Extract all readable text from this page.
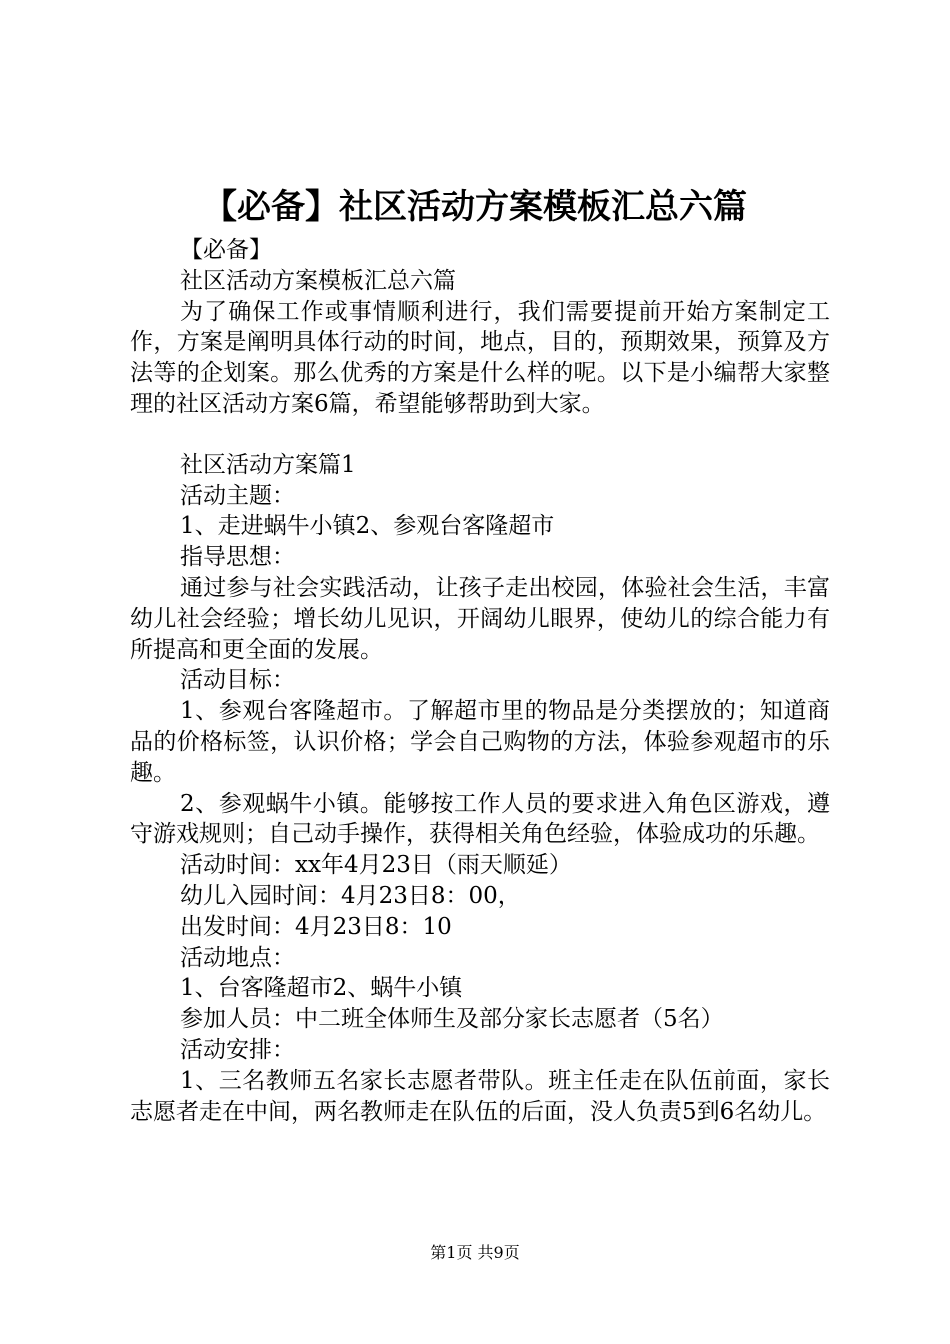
【必备】社区活动方案模板汇总六篇

【必备】

社区活动方案模板汇总六篇

为了确保工作或事情顺利进行，我们需要提前开始方案制定工作，方案是阐明具体行动的时间，地点，目的，预期效果，预算及方法等的企划案。那么优秀的方案是什么样的呢。以下是小编帮大家整理的社区活动方案6篇，希望能够帮助到大家。

社区活动方案篇1

活动主题：

1、走进蜗牛小镇2、参观台客隆超市

指导思想：

通过参与社会实践活动，让孩子走出校园，体验社会生活，丰富幼儿社会经验；增长幼儿见识，开阔幼儿眼界，使幼儿的综合能力有所提高和更全面的发展。

活动目标：

1、参观台客隆超市。了解超市里的物品是分类摆放的；知道商品的价格标签，认识价格；学会自己购物的方法，体验参观超市的乐趣。

2、参观蜗牛小镇。能够按工作人员的要求进入角色区游戏，遵守游戏规则；自己动手操作，获得相关角色经验，体验成功的乐趣。

活动时间：xx年4月23日（雨天顺延）

幼儿入园时间：4月23日8：00，

出发时间：4月23日8：10

活动地点：

1、台客隆超市2、蜗牛小镇

参加人员：中二班全体师生及部分家长志愿者（5名）

活动安排：

1、三名教师五名家长志愿者带队。班主任走在队伍前面，家长志愿者走在中间，两名教师走在队伍的后面，没人负责5到6名幼儿。

第1页 共9页
